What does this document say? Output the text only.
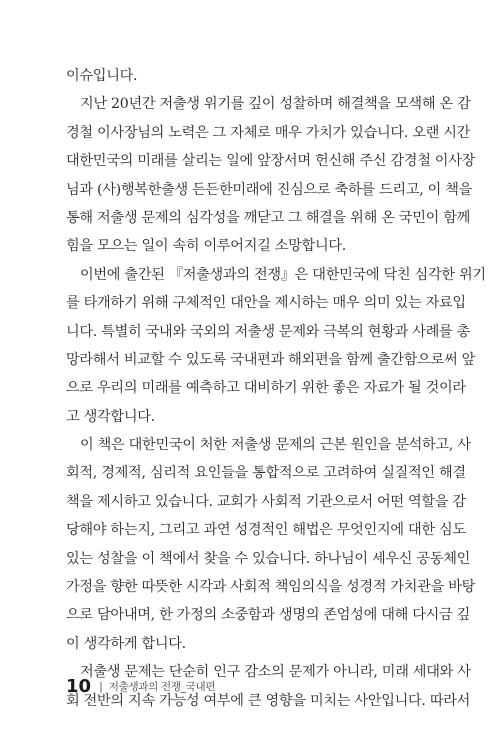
이슈입니다.
지난 20년간 저출생 위기를 깊이 성찰하며 해결책을 모색해 온 감
경철 이사장님의 노력은 그 자체로 매우 가치가 있습니다. 오랜 시간
대한민국의 미래를 살리는 일에 앞장서며 헌신해 주신 감경철 이사장
님과 (사)행복한출생 든든한미래에 진심으로 축하를 드리고, 이 책을
통해 저출생 문제의 심각성을 깨닫고 그 해결을 위해 온 국민이 함께
힘을 모으는 일이 속히 이루어지길 소망합니다.
이번에 출간된 『저출생과의 전쟁』은 대한민국에 닥친 심각한 위기
를 타개하기 위해 구체적인 대안을 제시하는 매우 의미 있는 자료입
니다. 특별히 국내와 국외의 저출생 문제와 극복의 현황과 사례를 총
망라해서 비교할 수 있도록 국내편과 해외편을 함께 출간함으로써 앞
으로 우리의 미래를 예측하고 대비하기 위한 좋은 자료가 될 것이라
고 생각합니다.
이 책은 대한민국이 처한 저출생 문제의 근본 원인을 분석하고, 사
회적, 경제적, 심리적 요인들을 통합적으로 고려하여 실질적인 해결
책을 제시하고 있습니다. 교회가 사회적 기관으로서 어떤 역할을 감
당해야 하는지, 그리고 과연 성경적인 해법은 무엇인지에 대한 심도
있는 성찰을 이 책에서 찾을 수 있습니다. 하나님이 세우신 공동체인
가정을 향한 따뜻한 시각과 사회적 책임의식을 성경적 가치관을 바탕
으로 담아내며, 한 가정의 소중함과 생명의 존엄성에 대해 다시금 깊
이 생각하게 합니다.
저출생 문제는 단순히 인구 감소의 문제가 아니라, 미래 세대와 사
회 전반의 지속 가능성 여부에 큰 영향을 미치는 사안입니다. 따라서
10 | 저출생과의 전쟁_국내편
